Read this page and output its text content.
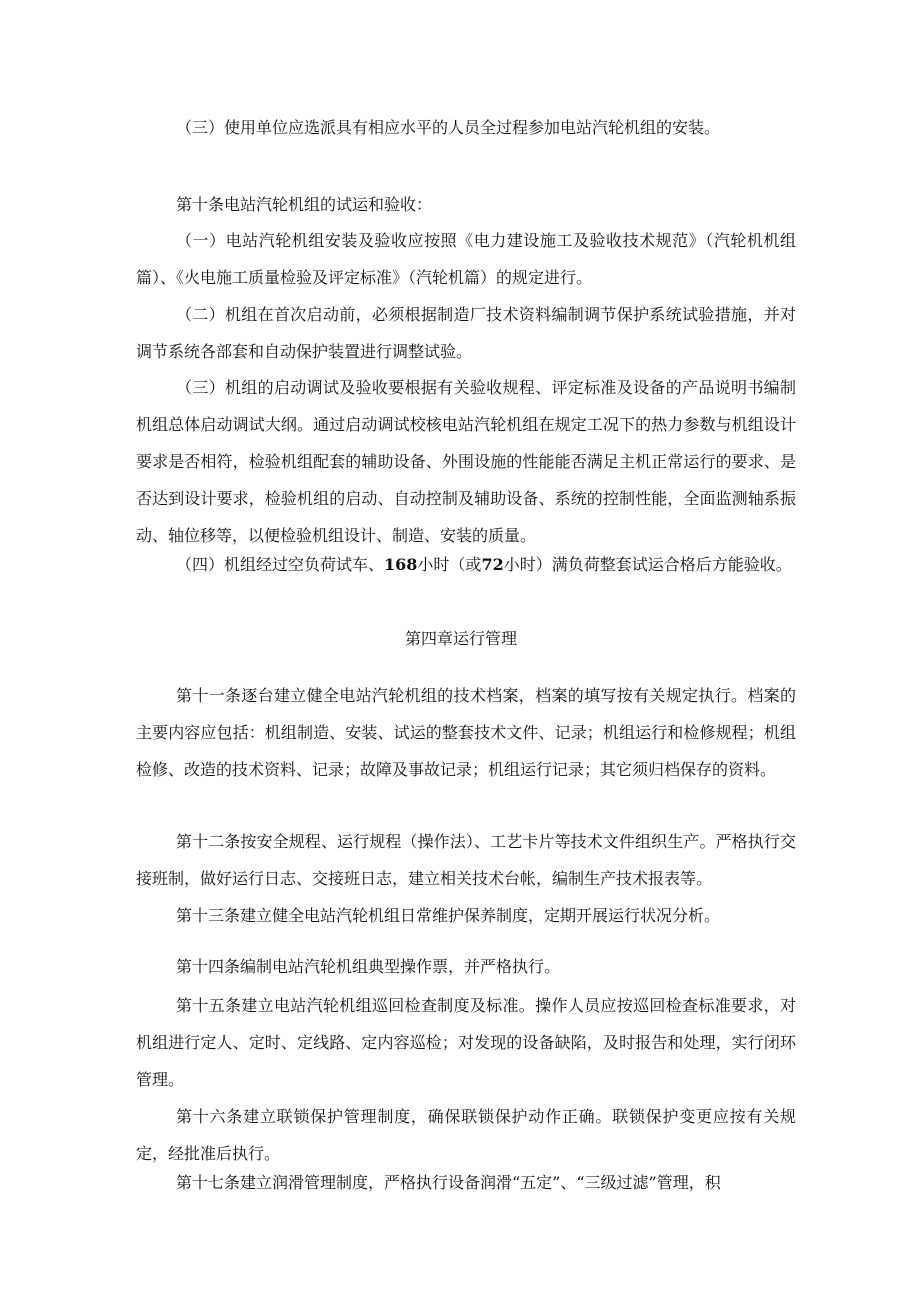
（三）使用单位应选派具有相应水平的人员全过程参加电站汽轮机组的安装。

第十条电站汽轮机组的试运和验收：

（一）电站汽轮机组安装及验收应按照《电力建设施工及验收技术规范》（汽轮机机组篇）、《火电施工质量检验及评定标准》（汽轮机篇）的规定进行。

（二）机组在首次启动前，必须根据制造厂技术资料编制调节保护系统试验措施，并对调节系统各部套和自动保护装置进行调整试验。

（三）机组的启动调试及验收要根据有关验收规程、评定标准及设备的产品说明书编制机组总体启动调试大纲。通过启动调试校核电站汽轮机组在规定工况下的热力参数与机组设计要求是否相符，检验机组配套的辅助设备、外围设施的性能能否满足主机正常运行的要求、是否达到设计要求，检验机组的启动、自动控制及辅助设备、系统的控制性能，全面监测轴系振动、轴位移等，以便检验机组设计、制造、安装的质量。

（四）机组经过空负荷试车、168小时（或72小时）满负荷整套试运合格后方能验收。

第四章运行管理

第十一条逐台建立健全电站汽轮机组的技术档案，档案的填写按有关规定执行。档案的主要内容应包括：机组制造、安装、试运的整套技术文件、记录；机组运行和检修规程；机组检修、改造的技术资料、记录；故障及事故记录；机组运行记录；其它须归档保存的资料。

第十二条按安全规程、运行规程（操作法）、工艺卡片等技术文件组织生产。严格执行交接班制，做好运行日志、交接班日志，建立相关技术台帐，编制生产技术报表等。

第十三条建立健全电站汽轮机组日常维护保养制度，定期开展运行状况分析。

第十四条编制电站汽轮机组典型操作票，并严格执行。

第十五条建立电站汽轮机组巡回检查制度及标准。操作人员应按巡回检查标准要求，对机组进行定人、定时、定线路、定内容巡检；对发现的设备缺陷，及时报告和处理，实行闭环管理。

第十六条建立联锁保护管理制度，确保联锁保护动作正确。联锁保护变更应按有关规定，经批准后执行。

第十七条建立润滑管理制度，严格执行设备润滑“五定”、“三级过滤”管理，积
